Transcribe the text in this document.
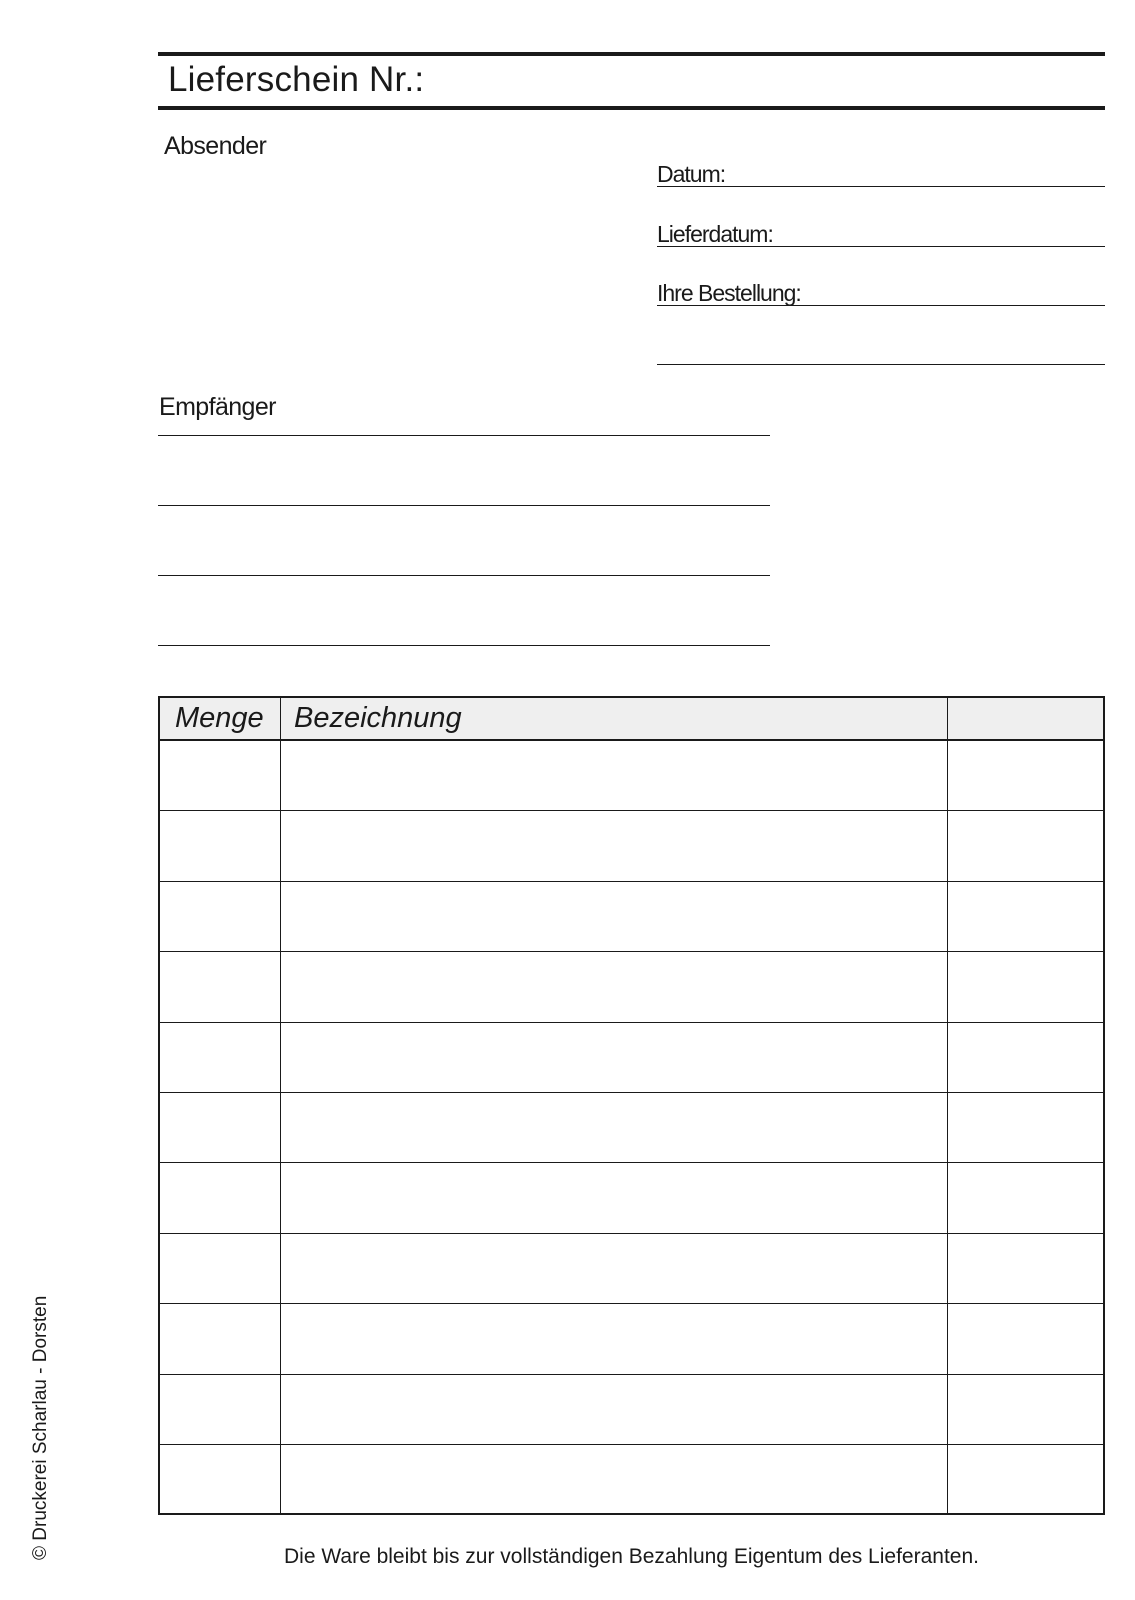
Lieferschein Nr.:
Absender
Datum:
Lieferdatum:
Ihre Bestellung:
Empfänger
Menge Bezeichnung
Die Ware bleibt bis zur vollständigen Bezahlung Eigentum des Lieferanten.
© Druckerei Scharlau - Dorsten
